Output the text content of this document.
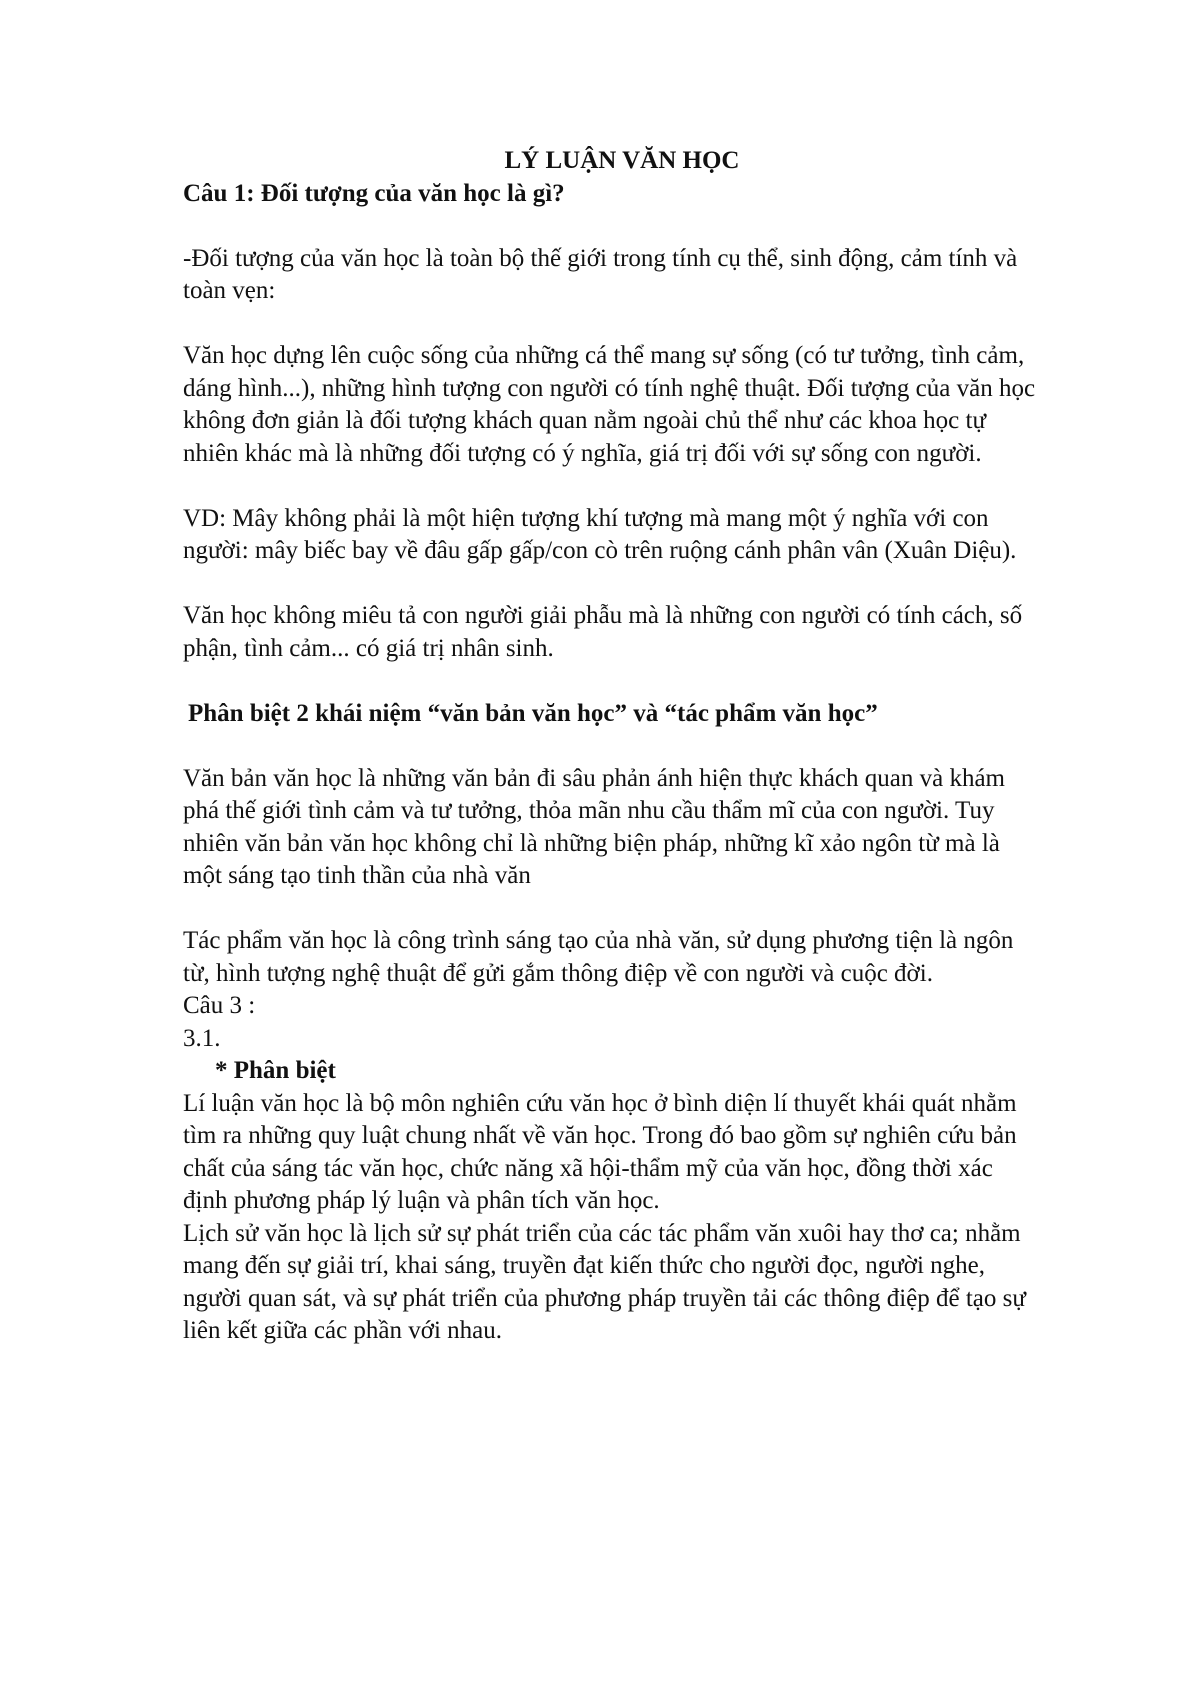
LÝ LUẬN VĂN HỌC

Câu 1: Đối tượng của văn học là gì?

-Đối tượng của văn học là toàn bộ thế giới trong tính cụ thể, sinh động, cảm tính và toàn vẹn:

Văn học dựng lên cuộc sống của những cá thể mang sự sống (có tư tưởng, tình cảm, dáng hình...), những hình tượng con người có tính nghệ thuật. Đối tượng của văn học không đơn giản là đối tượng khách quan nằm ngoài chủ thể như các khoa học tự nhiên khác mà là những đối tượng có ý nghĩa, giá trị đối với sự sống con người.

VD: Mây không phải là một hiện tượng khí tượng mà mang một ý nghĩa với con người: mây biếc bay về đâu gấp gấp/con cò trên ruộng cánh phân vân (Xuân Diệu).

Văn học không miêu tả con người giải phẫu mà là những con người có tính cách, số phận, tình cảm... có giá trị nhân sinh.

Phân biệt 2 khái niệm “văn bản văn học” và “tác phẩm văn học”

Văn bản văn học là những văn bản đi sâu phản ánh hiện thực khách quan và khám phá thế giới tình cảm và tư tưởng, thỏa mãn nhu cầu thẩm mĩ của con người. Tuy nhiên văn bản văn học không chỉ là những biện pháp, những kĩ xảo ngôn từ mà là một sáng tạo tinh thần của nhà văn

Tác phẩm văn học là công trình sáng tạo của nhà văn, sử dụng phương tiện là ngôn từ, hình tượng nghệ thuật để gửi gắm thông điệp về con người và cuộc đời.

Câu 3 :

3.1.

* Phân biệt

Lí luận văn học là bộ môn nghiên cứu văn học ở bình diện lí thuyết khái quát nhằm tìm ra những quy luật chung nhất về văn học. Trong đó bao gồm sự nghiên cứu bản chất của sáng tác văn học, chức năng xã hội-thẩm mỹ của văn học, đồng thời xác định phương pháp lý luận và phân tích văn học.

Lịch sử văn học là lịch sử sự phát triển của các tác phẩm văn xuôi hay thơ ca; nhằm mang đến sự giải trí, khai sáng, truyền đạt kiến thức cho người đọc, người nghe, người quan sát, và sự phát triển của phương pháp truyền tải các thông điệp để tạo sự liên kết giữa các phần với nhau.
